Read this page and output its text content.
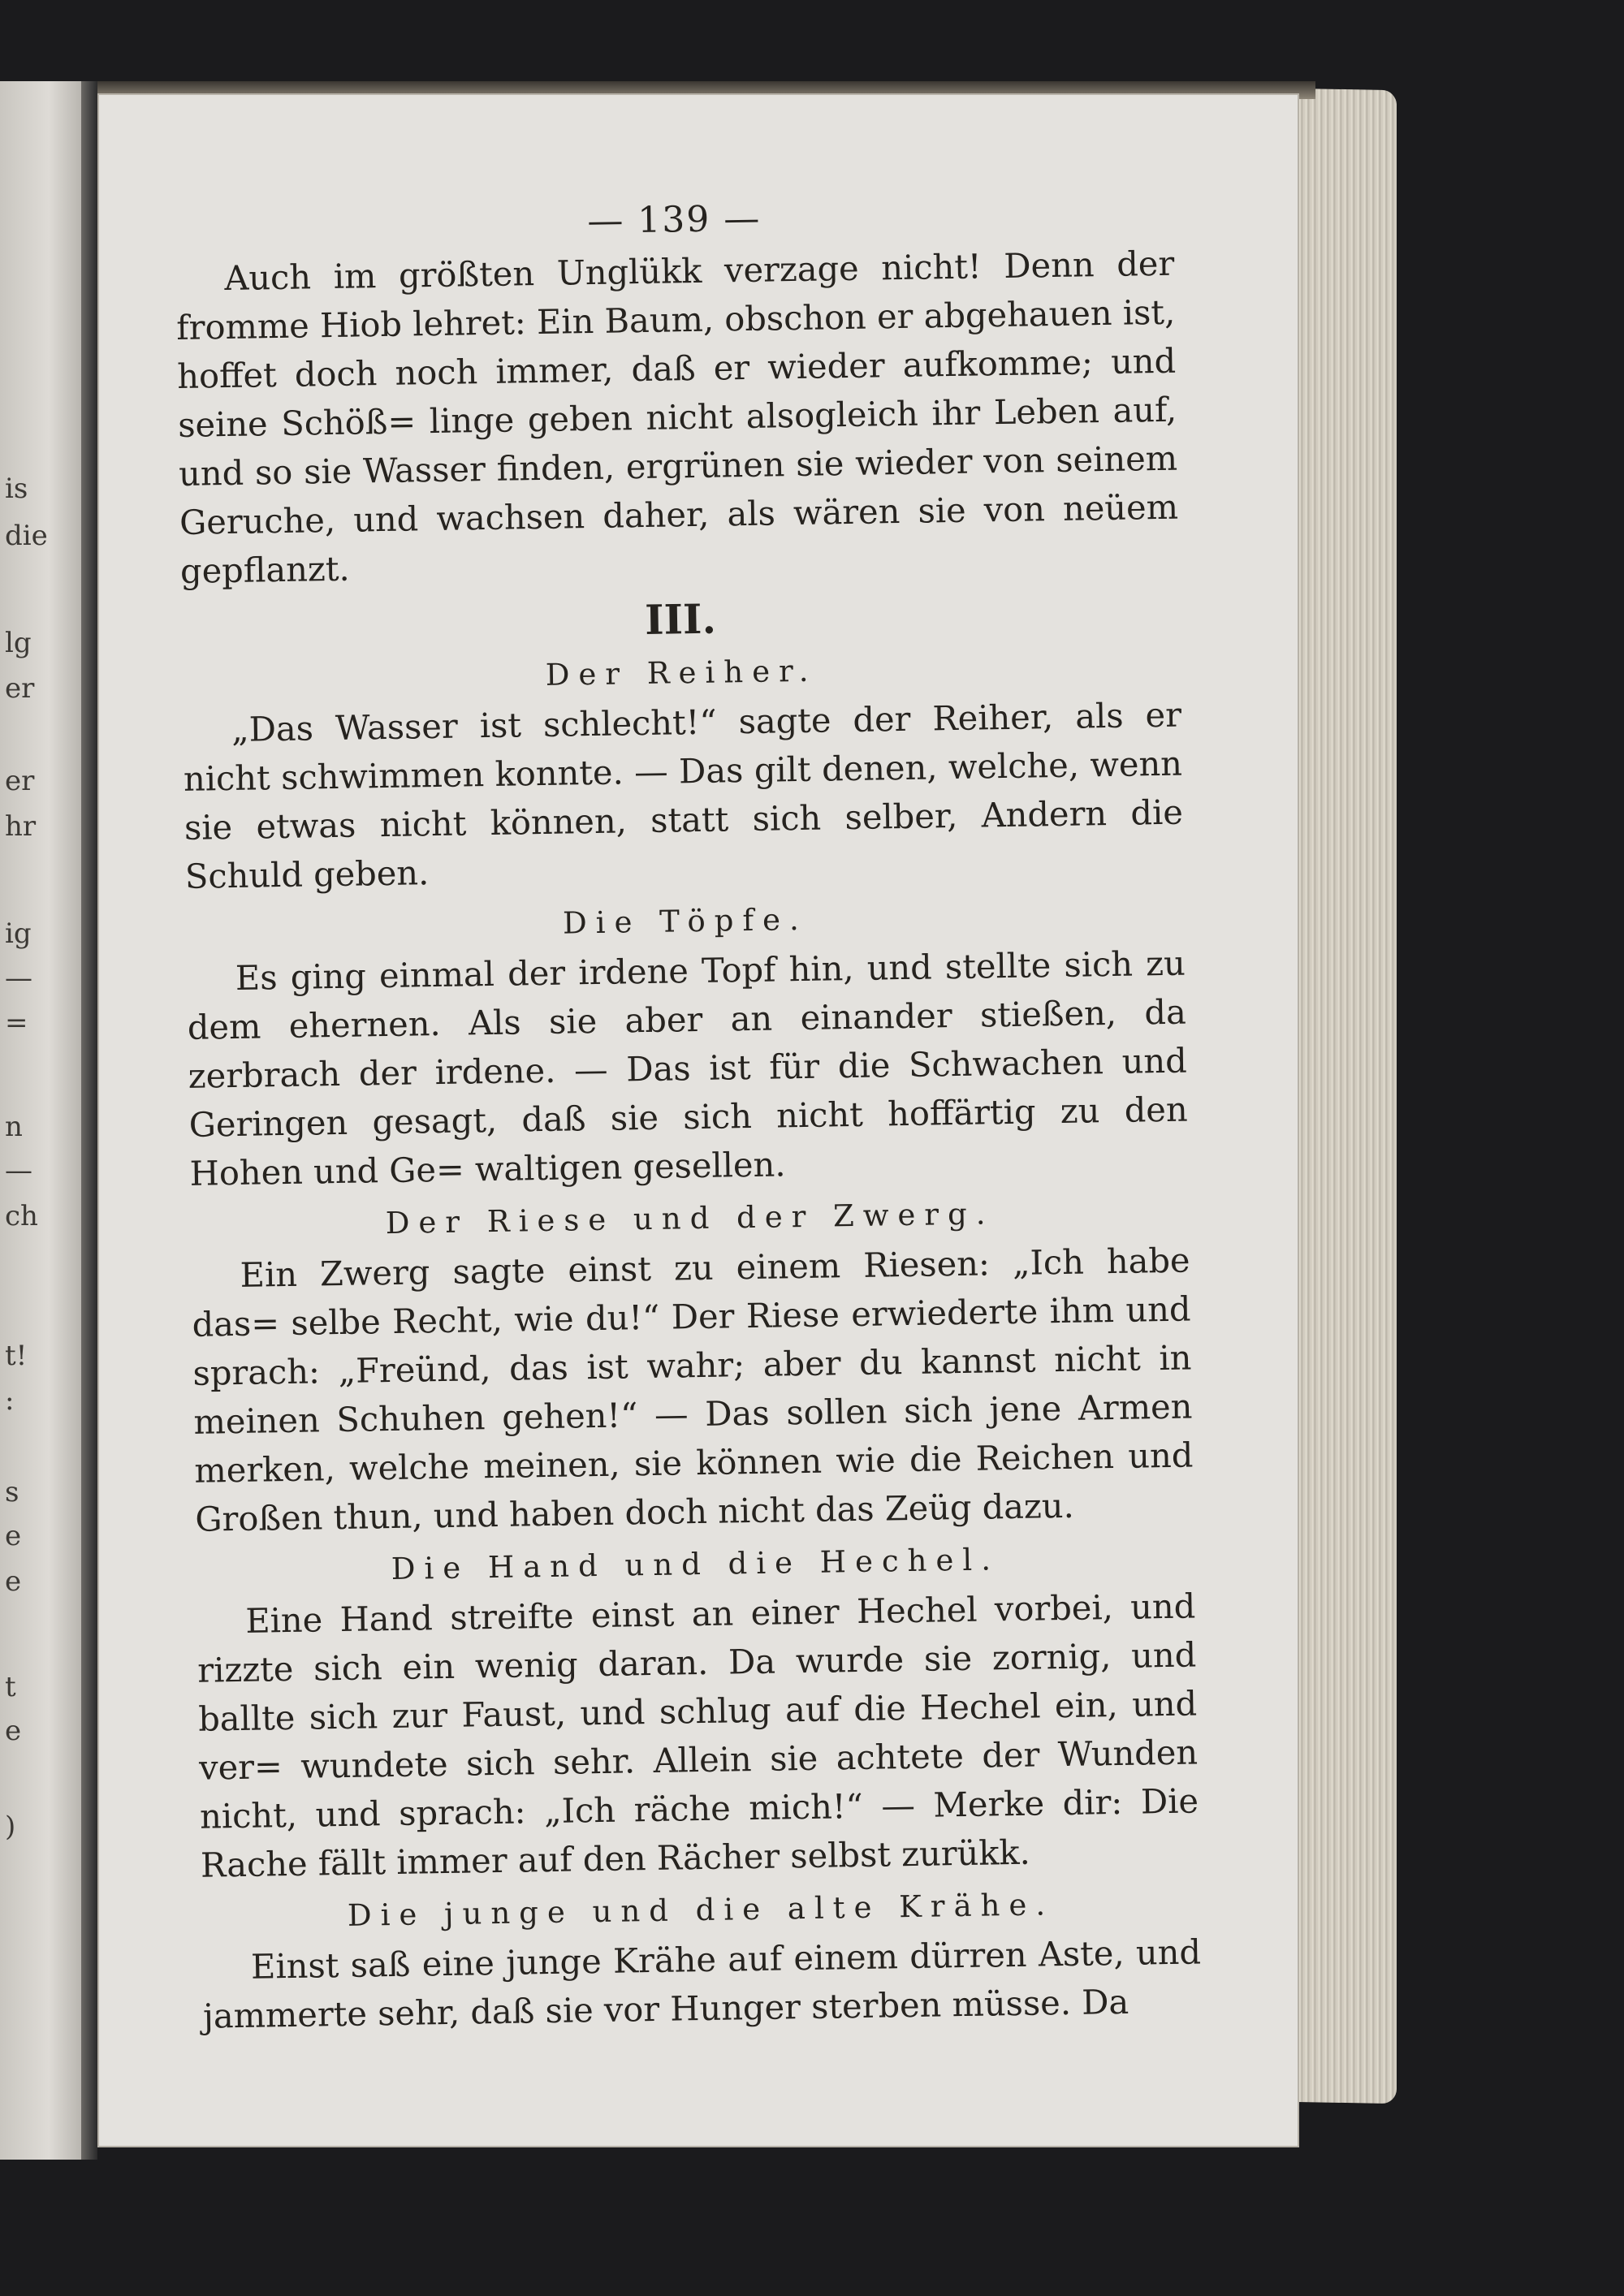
is
die
lg
er
er
hr
ig
—
=
n
—
ch
t!
:
s
e
e
t
e
)
— 139 —

Auch im größten Unglükk verzage nicht! Denn der fromme Hiob lehret: Ein Baum, obschon er abgehauen ist, hoffet doch noch immer, daß er wieder aufkomme; und seine Schöß= linge geben nicht alsogleich ihr Leben auf, und so sie Wasser finden, ergrünen sie wieder von seinem Geruche, und wachsen daher, als wären sie von neüem gepflanzt.

III.
Der Reiher.

„Das Wasser ist schlecht!“ sagte der Reiher, als er nicht schwimmen konnte. — Das gilt denen, welche, wenn sie etwas nicht können, statt sich selber, Andern die Schuld geben.

Die Töpfe.

Es ging einmal der irdene Topf hin, und stellte sich zu dem ehernen. Als sie aber an einander stießen, da zerbrach der irdene. — Das ist für die Schwachen und Geringen gesagt, daß sie sich nicht hoffärtig zu den Hohen und Ge= waltigen gesellen.

Der Riese und der Zwerg.

Ein Zwerg sagte einst zu einem Riesen: „Ich habe das= selbe Recht, wie du!“ Der Riese erwiederte ihm und sprach: „Freünd, das ist wahr; aber du kannst nicht in meinen Schuhen gehen!“ — Das sollen sich jene Armen merken, welche meinen, sie können wie die Reichen und Großen thun, und haben doch nicht das Zeüg dazu.

Die Hand und die Hechel.

Eine Hand streifte einst an einer Hechel vorbei, und rizzte sich ein wenig daran. Da wurde sie zornig, und ballte sich zur Faust, und schlug auf die Hechel ein, und ver= wundete sich sehr. Allein sie achtete der Wunden nicht, und sprach: „Ich räche mich!“ — Merke dir: Die Rache fällt immer auf den Rächer selbst zurükk.

Die junge und die alte Krähe.

Einst saß eine junge Krähe auf einem dürren Aste, und jammerte sehr, daß sie vor Hunger sterben müsse. Da
